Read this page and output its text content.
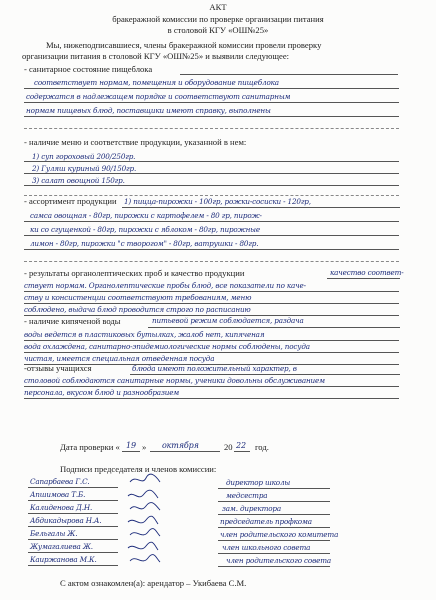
АКТ
бракеражной комиссии по проверке организации питания
в столовой КГУ «ОШ№25»
Мы, нижеподписавшиеся, члены бракеражной комиссии провели проверку
организации питания в столовой КГУ «ОШ№25» и выявили следующее:
- санитарное состояние пищеблока
соответствует нормам, помещения и оборудование пищеблока
содержатся в надлежащем порядке и соответствуют санитарным
нормам пищевых блюд, поставщики имеют справку, выполнены
- наличие меню и соответствие продукции, указанной в нем:
1) суп гороховый 200/250гр.
2) Гуляш куриный 90/150гр.
3) салат овощной 150гр.
- ассортимент продукции 1) пицца-пирожки - 100гр, рожки-сосиски - 120гр,
самса овощная - 80гр, пирожки с картофелем - 80 гр, пирож-
ки со сгущенкой - 80гр, пирожки с яблоком - 80гр, пирожные
лимон - 80гр, пирожки "с творогом" - 80гр, ватрушки - 80гр.
- результаты органолептических проб и качество продукции	качество соответ-
ствует нормам. Органолептические пробы блюд, все показатели по каче-
ству и консистенции соответствуют требованиям, меню
соблюдено, выдача блюд проводится строго по расписанию
- наличие кипяченой воды	питьевой режим соблюдается, раздача
воды ведется в пластиковых бутылках, жалоб нет, кипяченая
вода охлаждена, санитарно-эпидемиологические нормы соблюдены, посуда
чистая, имеется специальная отведенная посуда
-отзывы учащихся	блюда имеют положительный характер, в
столовой соблюдаются санитарные нормы, ученики довольны обслуживанием
персонала, вкусом блюд и разнообразием
Дата проверки « 19 » октября	20 22 год.
Подписи председателя и членов комиссии:
Сапарбаева Г.С.	директор школы
Апшимова Т.Б.	медсестра
Калиденова Д.Н.	зам. директора
Абдикадырова Н.А.	председатель профкома
Бельгалы Ж.	член родительского комитета
Жумагалиева Ж.	член школьного совета
Каиржанова М.К.	член родительского совета
С актом ознакомлен(а): арендатор – Укибаева С.М.
